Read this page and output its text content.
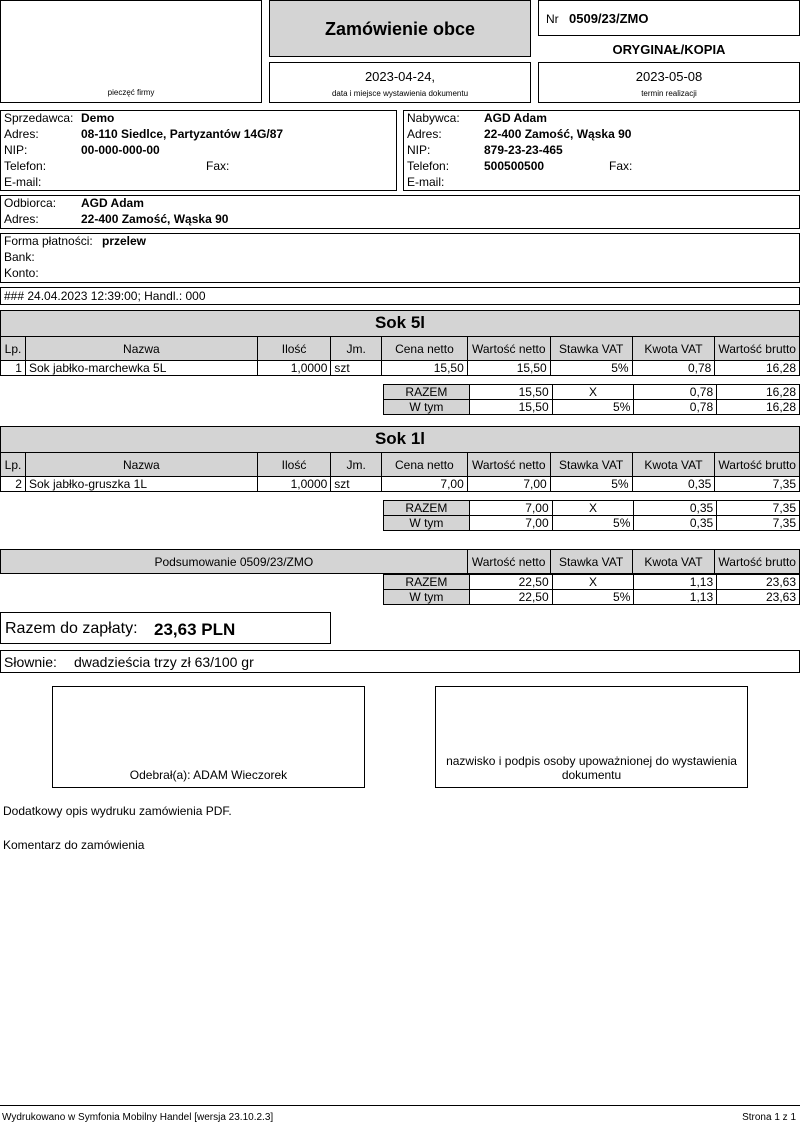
pieczęć firmy
Zamówienie obce	Nr 0509/23/ZMO
ORYGINAŁ/KOPIA
2023-04-24,
data i miejsce wystawienia dokumentu
2023-05-08
termin realizacji
Sprzedawca: Demo
Adres:	08-110 Siedlce, Partyzantów 14G/87
NIP:	00-000-000-00
Telefon:	Fax:
E-mail:
Nabywca: AGD Adam
Adres:	22-400 Zamość, Wąska 90
NIP:	879-23-23-465
Telefon:	500500500	Fax:
E-mail:
Odbiorca: AGD Adam
Adres:	22-400 Zamość, Wąska 90
Forma płatności: przelew
Bank:
Konto:
### 24.04.2023 12:39:00; Handl.: 000
Sok 5l
Lp.	Nazwa	Ilość	Jm.	Cena netto	Wartość netto	Stawka VAT	Kwota VAT	Wartość brutto
1	Sok jabłko-marchewka 5L	1,0000	szt	15,50	15,50	5%	0,78	16,28
RAZEM	15,50	X	0,78	16,28
W tym	15,50	5%	0,78	16,28
Sok 1l
Lp.	Nazwa	Ilość	Jm.	Cena netto	Wartość netto	Stawka VAT	Kwota VAT	Wartość brutto
2	Sok jabłko-gruszka 1L	1,0000	szt	7,00	7,00	5%	0,35	7,35
RAZEM	7,00	X	0,35	7,35
W tym	7,00	5%	0,35	7,35
Podsumowanie 0509/23/ZMO	Wartość netto	Stawka VAT	Kwota VAT	Wartość brutto
RAZEM	22,50	X	1,13	23,63
W tym	22,50	5%	1,13	23,63
Razem do zapłaty: 23,63 PLN
Słownie: dwadzieścia trzy zł 63/100 gr
Odebrał(a): ADAM Wieczorek
nazwisko i podpis osoby upoważnionej do wystawienia dokumentu
Dodatkowy opis wydruku zamówienia PDF.
Komentarz do zamówienia
Wydrukowano w Symfonia Mobilny Handel [wersja 23.10.2.3]	Strona 1 z 1
